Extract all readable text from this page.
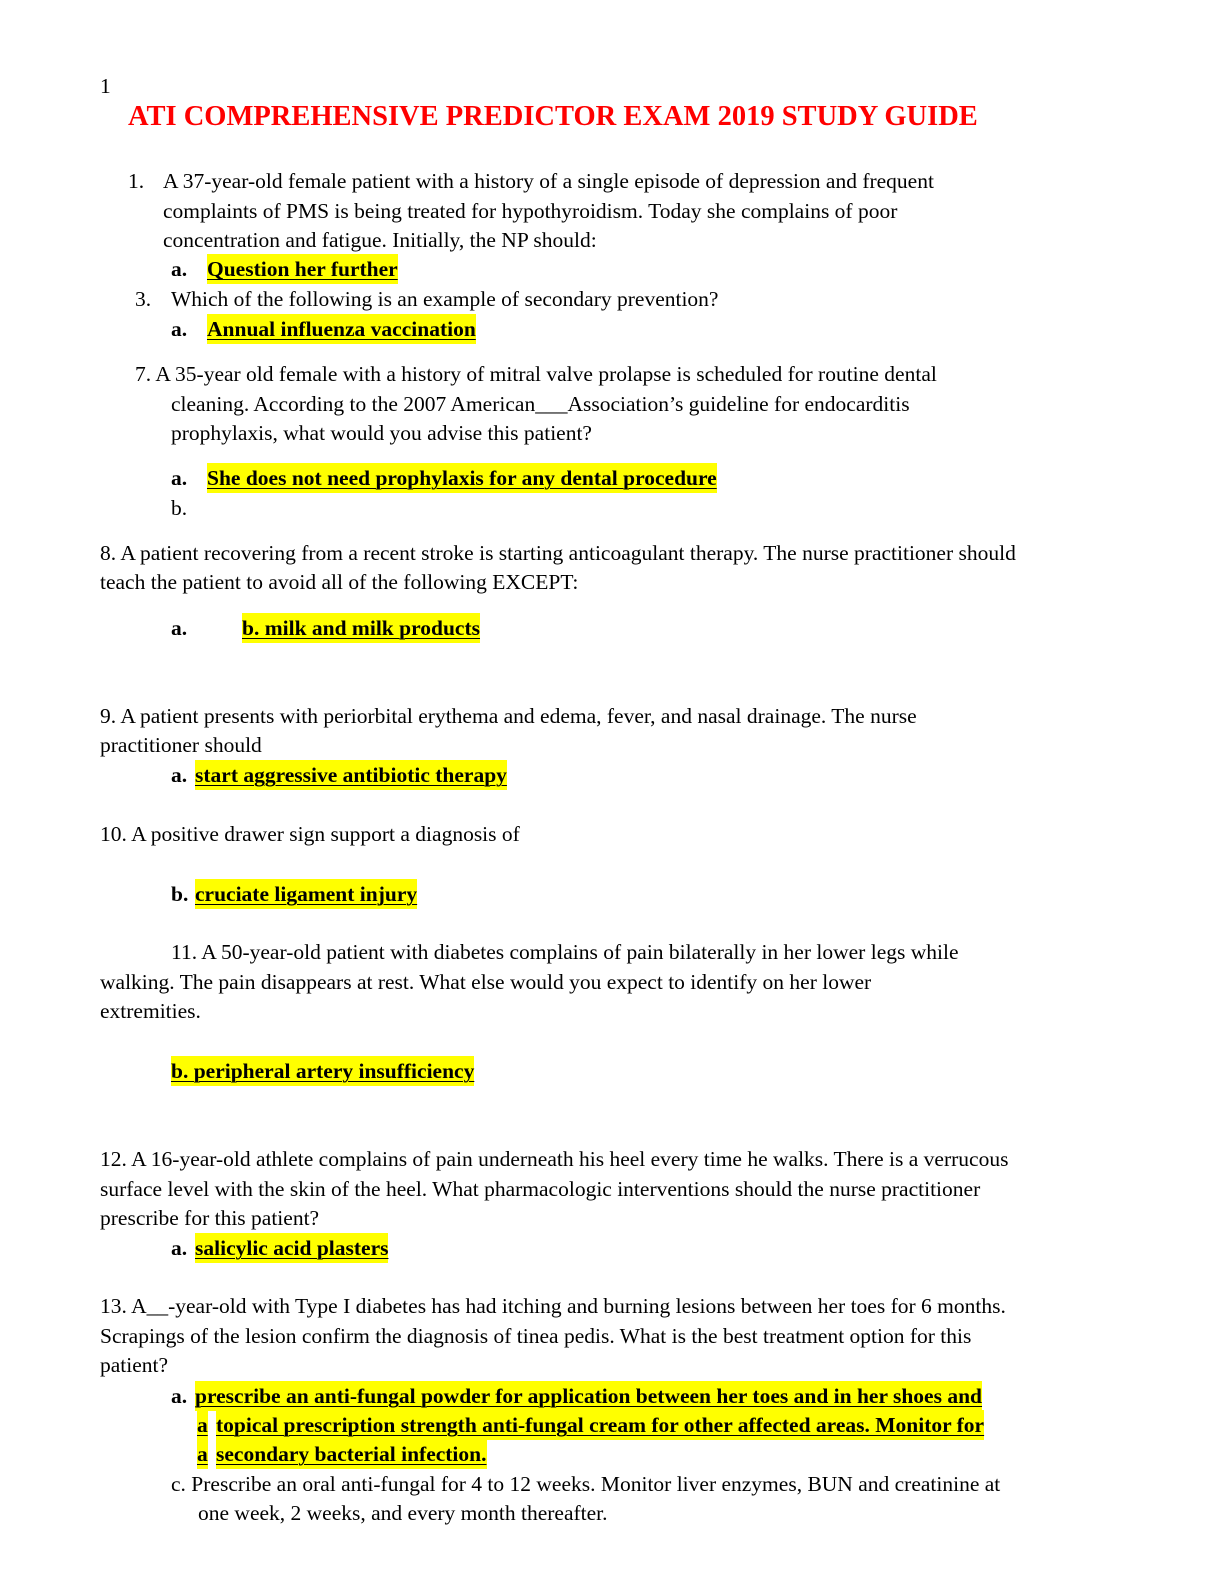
1
ATI COMPREHENSIVE PREDICTOR EXAM 2019 STUDY GUIDE
1. A 37-year-old female patient with a history of a single episode of depression and frequent
complaints of PMS is being treated for hypothyroidism. Today she complains of poor
concentration and fatigue. Initially, the NP should:
a. Question her further
3. Which of the following is an example of secondary prevention?
a. Annual influenza vaccination
7. A 35-year old female with a history of mitral valve prolapse is scheduled for routine dental
cleaning. According to the 2007 American___Association’s guideline for endocarditis
prophylaxis, what would you advise this patient?
a. She does not need prophylaxis for any dental procedure
b.
8. A patient recovering from a recent stroke is starting anticoagulant therapy. The nurse practitioner should
teach the patient to avoid all of the following EXCEPT:
a.	b. milk and milk products
9. A patient presents with periorbital erythema and edema, fever, and nasal drainage. The nurse
practitioner should
a. start aggressive antibiotic therapy
10. A positive drawer sign support a diagnosis of
b. cruciate ligament injury
11. A 50-year-old patient with diabetes complains of pain bilaterally in her lower legs while
walking. The pain disappears at rest. What else would you expect to identify on her lower
extremities.
b. peripheral artery insufficiency
12. A 16-year-old athlete complains of pain underneath his heel every time he walks. There is a verrucous
surface level with the skin of the heel. What pharmacologic interventions should the nurse practitioner
prescribe for this patient?
a. salicylic acid plasters
13. A__-year-old with Type I diabetes has had itching and burning lesions between her toes for 6 months.
Scrapings of the lesion confirm the diagnosis of tinea pedis. What is the best treatment option for this
patient?
a. prescribe an anti-fungal powder for application between her toes and in her shoes and
a topical prescription strength anti-fungal cream for other affected areas. Monitor for
a secondary bacterial infection.
c. Prescribe an oral anti-fungal for 4 to 12 weeks. Monitor liver enzymes, BUN and creatinine at
one week, 2 weeks, and every month thereafter.
